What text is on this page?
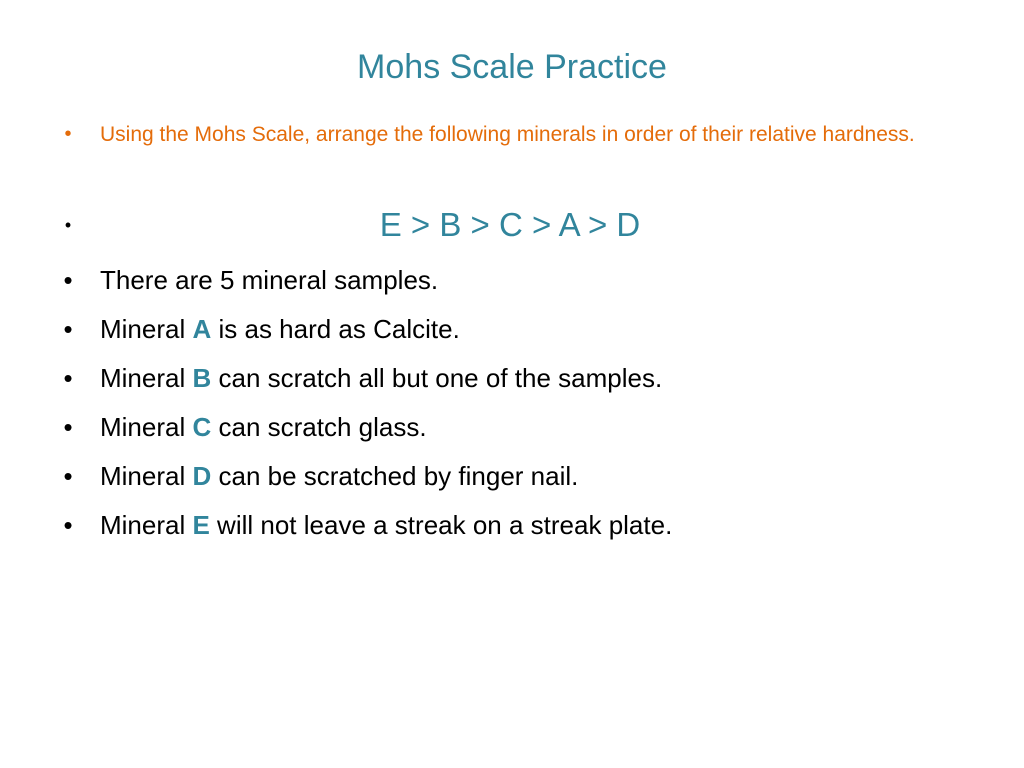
Mohs Scale Practice
•	Using the Mohs Scale, arrange the following minerals in order of their relative hardness.
•	E > B > C > A > D
• There are 5 mineral samples.
• Mineral A is as hard as Calcite.
• Mineral B can scratch all but one of the samples.
• Mineral C can scratch glass.
• Mineral D can be scratched by finger nail.
• Mineral E will not leave a streak on a streak plate.
